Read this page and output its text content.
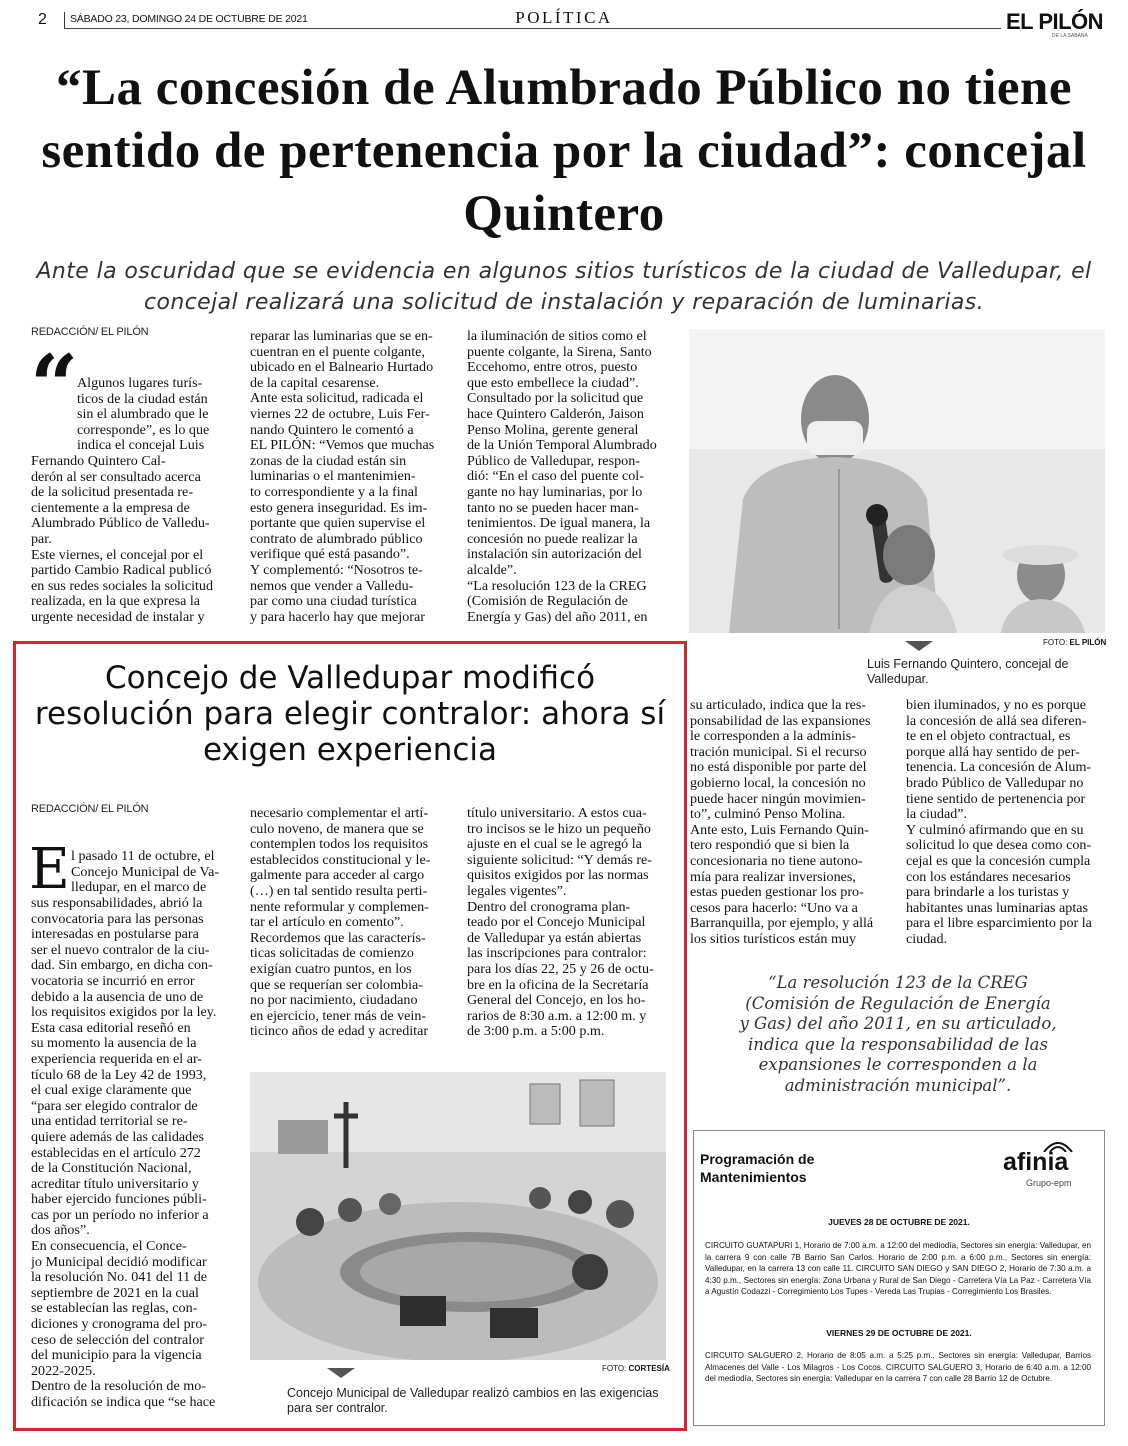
2 SÁBADO 23, DOMINGO 24 DE OCTUBRE DE 2021	POLÍTICA	EL PILÓN
DE LA SABANA
“La concesión de Alumbrado Público no tiene sentido de pertenencia por la ciudad”: concejal Quintero
Ante la oscuridad que se evidencia en algunos sitios turísticos de la ciudad de Valledupar, el concejal realizará una solicitud de instalación y reparación de luminarias.
REDACCIÓN/ EL PILÓN
“
Algunos lugares turís-
ticos de la ciudad están
sin el alumbrado que le
corresponde”, es lo que
indica el concejal Luis
Fernando Quintero Cal-
derón al ser consultado acerca
de la solicitud presentada re-
cientemente a la empresa de
Alumbrado Público de Valledu-
par.
Este viernes, el concejal por el
partido Cambio Radical publicó
en sus redes sociales la solicitud
realizada, en la que expresa la
urgente necesidad de instalar y
reparar las luminarias que se en-
cuentran en el puente colgante,
ubicado en el Balneario Hurtado
de la capital cesarense.
Ante esta solicitud, radicada el
viernes 22 de octubre, Luis Fer-
nando Quintero le comentó a
EL PILÓN: “Vemos que muchas
zonas de la ciudad están sin
luminarias o el mantenimien-
to correspondiente y a la final
esto genera inseguridad. Es im-
portante que quien supervise el
contrato de alumbrado público
verifique qué está pasando”.
Y complementó: “Nosotros te-
nemos que vender a Valledu-
par como una ciudad turística
y para hacerlo hay que mejorar
la iluminación de sitios como el
puente colgante, la Sirena, Santo
Eccehomo, entre otros, puesto
que esto embellece la ciudad”.
Consultado por la solicitud que
hace Quintero Calderón, Jaison
Penso Molina, gerente general
de la Unión Temporal Alumbrado
Público de Valledupar, respon-
dió: “En el caso del puente col-
gante no hay luminarias, por lo
tanto no se pueden hacer man-
tenimientos. De igual manera, la
concesión no puede realizar la
instalación sin autorización del
alcalde”.
“La resolución 123 de la CREG
(Comisión de Regulación de
Energía y Gas) del año 2011, en
FOTO: EL PILÓN
Luis Fernando Quintero, concejal de Valledupar.
su articulado, indica que la res-
ponsabilidad de las expansiones
le corresponden a la adminis-
tración municipal. Si el recurso
no está disponible por parte del
gobierno local, la concesión no
puede hacer ningún movimien-
to”, culminó Penso Molina.
Ante esto, Luis Fernando Quin-
tero respondió que si bien la
concesionaria no tiene autono-
mía para realizar inversiones,
estas pueden gestionar los pro-
cesos para hacerlo: “Uno va a
Barranquilla, por ejemplo, y allá
los sitios turísticos están muy
bien iluminados, y no es porque
la concesión de allá sea diferen-
te en el objeto contractual, es
porque allá hay sentido de per-
tenencia. La concesión de Alum-
brado Público de Valledupar no
tiene sentido de pertenencia por
la ciudad”.
Y culminó afirmando que en su
solicitud lo que desea como con-
cejal es que la concesión cumpla
con los estándares necesarios
para brindarle a los turistas y
habitantes unas luminarias aptas
para el libre esparcimiento por la
ciudad.
“La resolución 123 de la CREG
(Comisión de Regulación de Energía
y Gas) del año 2011, en su articulado,
indica que la responsabilidad de las
expansiones le corresponden a la
administración municipal”.
Concejo de Valledupar modificó resolución para elegir contralor: ahora sí exigen experiencia
REDACCIÓN/ EL PILÓN
E l pasado 11 de octubre, el
Concejo Municipal de Va-
lledupar, en el marco de
sus responsabilidades, abrió la
convocatoria para las personas
interesadas en postularse para
ser el nuevo contralor de la ciu-
dad. Sin embargo, en dicha con-
vocatoria se incurrió en error
debido a la ausencia de uno de
los requisitos exigidos por la ley.
Esta casa editorial reseñó en
su momento la ausencia de la
experiencia requerida en el ar-
tículo 68 de la Ley 42 de 1993,
el cual exige claramente que
“para ser elegido contralor de
una entidad territorial se re-
quiere además de las calidades
establecidas en el artículo 272
de la Constitución Nacional,
acreditar título universitario y
haber ejercido funciones públi-
cas por un período no inferior a
dos años”.
En consecuencia, el Conce-
jo Municipal decidió modificar
la resolución No. 041 del 11 de
septiembre de 2021 en la cual
se establecían las reglas, con-
diciones y cronograma del pro-
ceso de selección del contralor
del municipio para la vigencia
2022-2025.
Dentro de la resolución de mo-
dificación se indica que “se hace
necesario complementar el artí-
culo noveno, de manera que se
contemplen todos los requisitos
establecidos constitucional y le-
galmente para acceder al cargo
(…) en tal sentido resulta perti-
nente reformular y complemen-
tar el artículo en comento”.
Recordemos que las caracterís-
ticas solicitadas de comienzo
exigían cuatro puntos, en los
que se requerían ser colombia-
no por nacimiento, ciudadano
en ejercicio, tener más de vein-
ticinco años de edad y acreditar
título universitario. A estos cua-
tro incisos se le hizo un pequeño
ajuste en el cual se le agregó la
siguiente solicitud: “Y demás re-
quisitos exigidos por las normas
legales vigentes”.
Dentro del cronograma plan-
teado por el Concejo Municipal
de Valledupar ya están abiertas
las inscripciones para contralor:
para los días 22, 25 y 26 de octu-
bre en la oficina de la Secretaría
General del Concejo, en los ho-
rarios de 8:30 a.m. a 12:00 m. y
de 3:00 p.m. a 5:00 p.m.
FOTO: CORTESÍA
Concejo Municipal de Valledupar realizó cambios en las exigencias para ser contralor.
Programación de
Mantenimientos
afinia
Grupo-epm
JUEVES 28 DE OCTUBRE DE 2021.
CIRCUITO GUATAPURI 1, Horario de 7:00 a.m. a 12:00 del mediodía, Sectores sin energía: Valledupar, en la carrera 9 con calle 7B Barrio San Carlos. Horario de 2:00 p.m. a 6:00 p.m., Sectores sin energía: Valledupar, en la carrera 13 con calle 11. CIRCUITO SAN DIEGO y SAN DIEGO 2, Horario de 7:30 a.m. a 4:30 p.m., Sectores sin energía: Zona Urbana y Rural de San Diego - Carretera Vía La Paz - Carretera Vía a Agustín Codazzi - Corregimiento Los Tupes - Vereda Las Trupias - Corregimiento Los Brasiles.
VIERNES 29 DE OCTUBRE DE 2021.
CIRCUITO SALGUERO 2, Horario de 8:05 a.m. a 5:25 p.m., Sectores sin energía: Valledupar, Barrios Almacenes del Valle - Los Milagros - Los Cocos. CIRCUITO SALGUERO 3, Horario de 6:40 a.m. a 12:00 del mediodía, Sectores sin energía: Valledupar en la carrera 7 con calle 28 Barrio 12 de Octubre.
